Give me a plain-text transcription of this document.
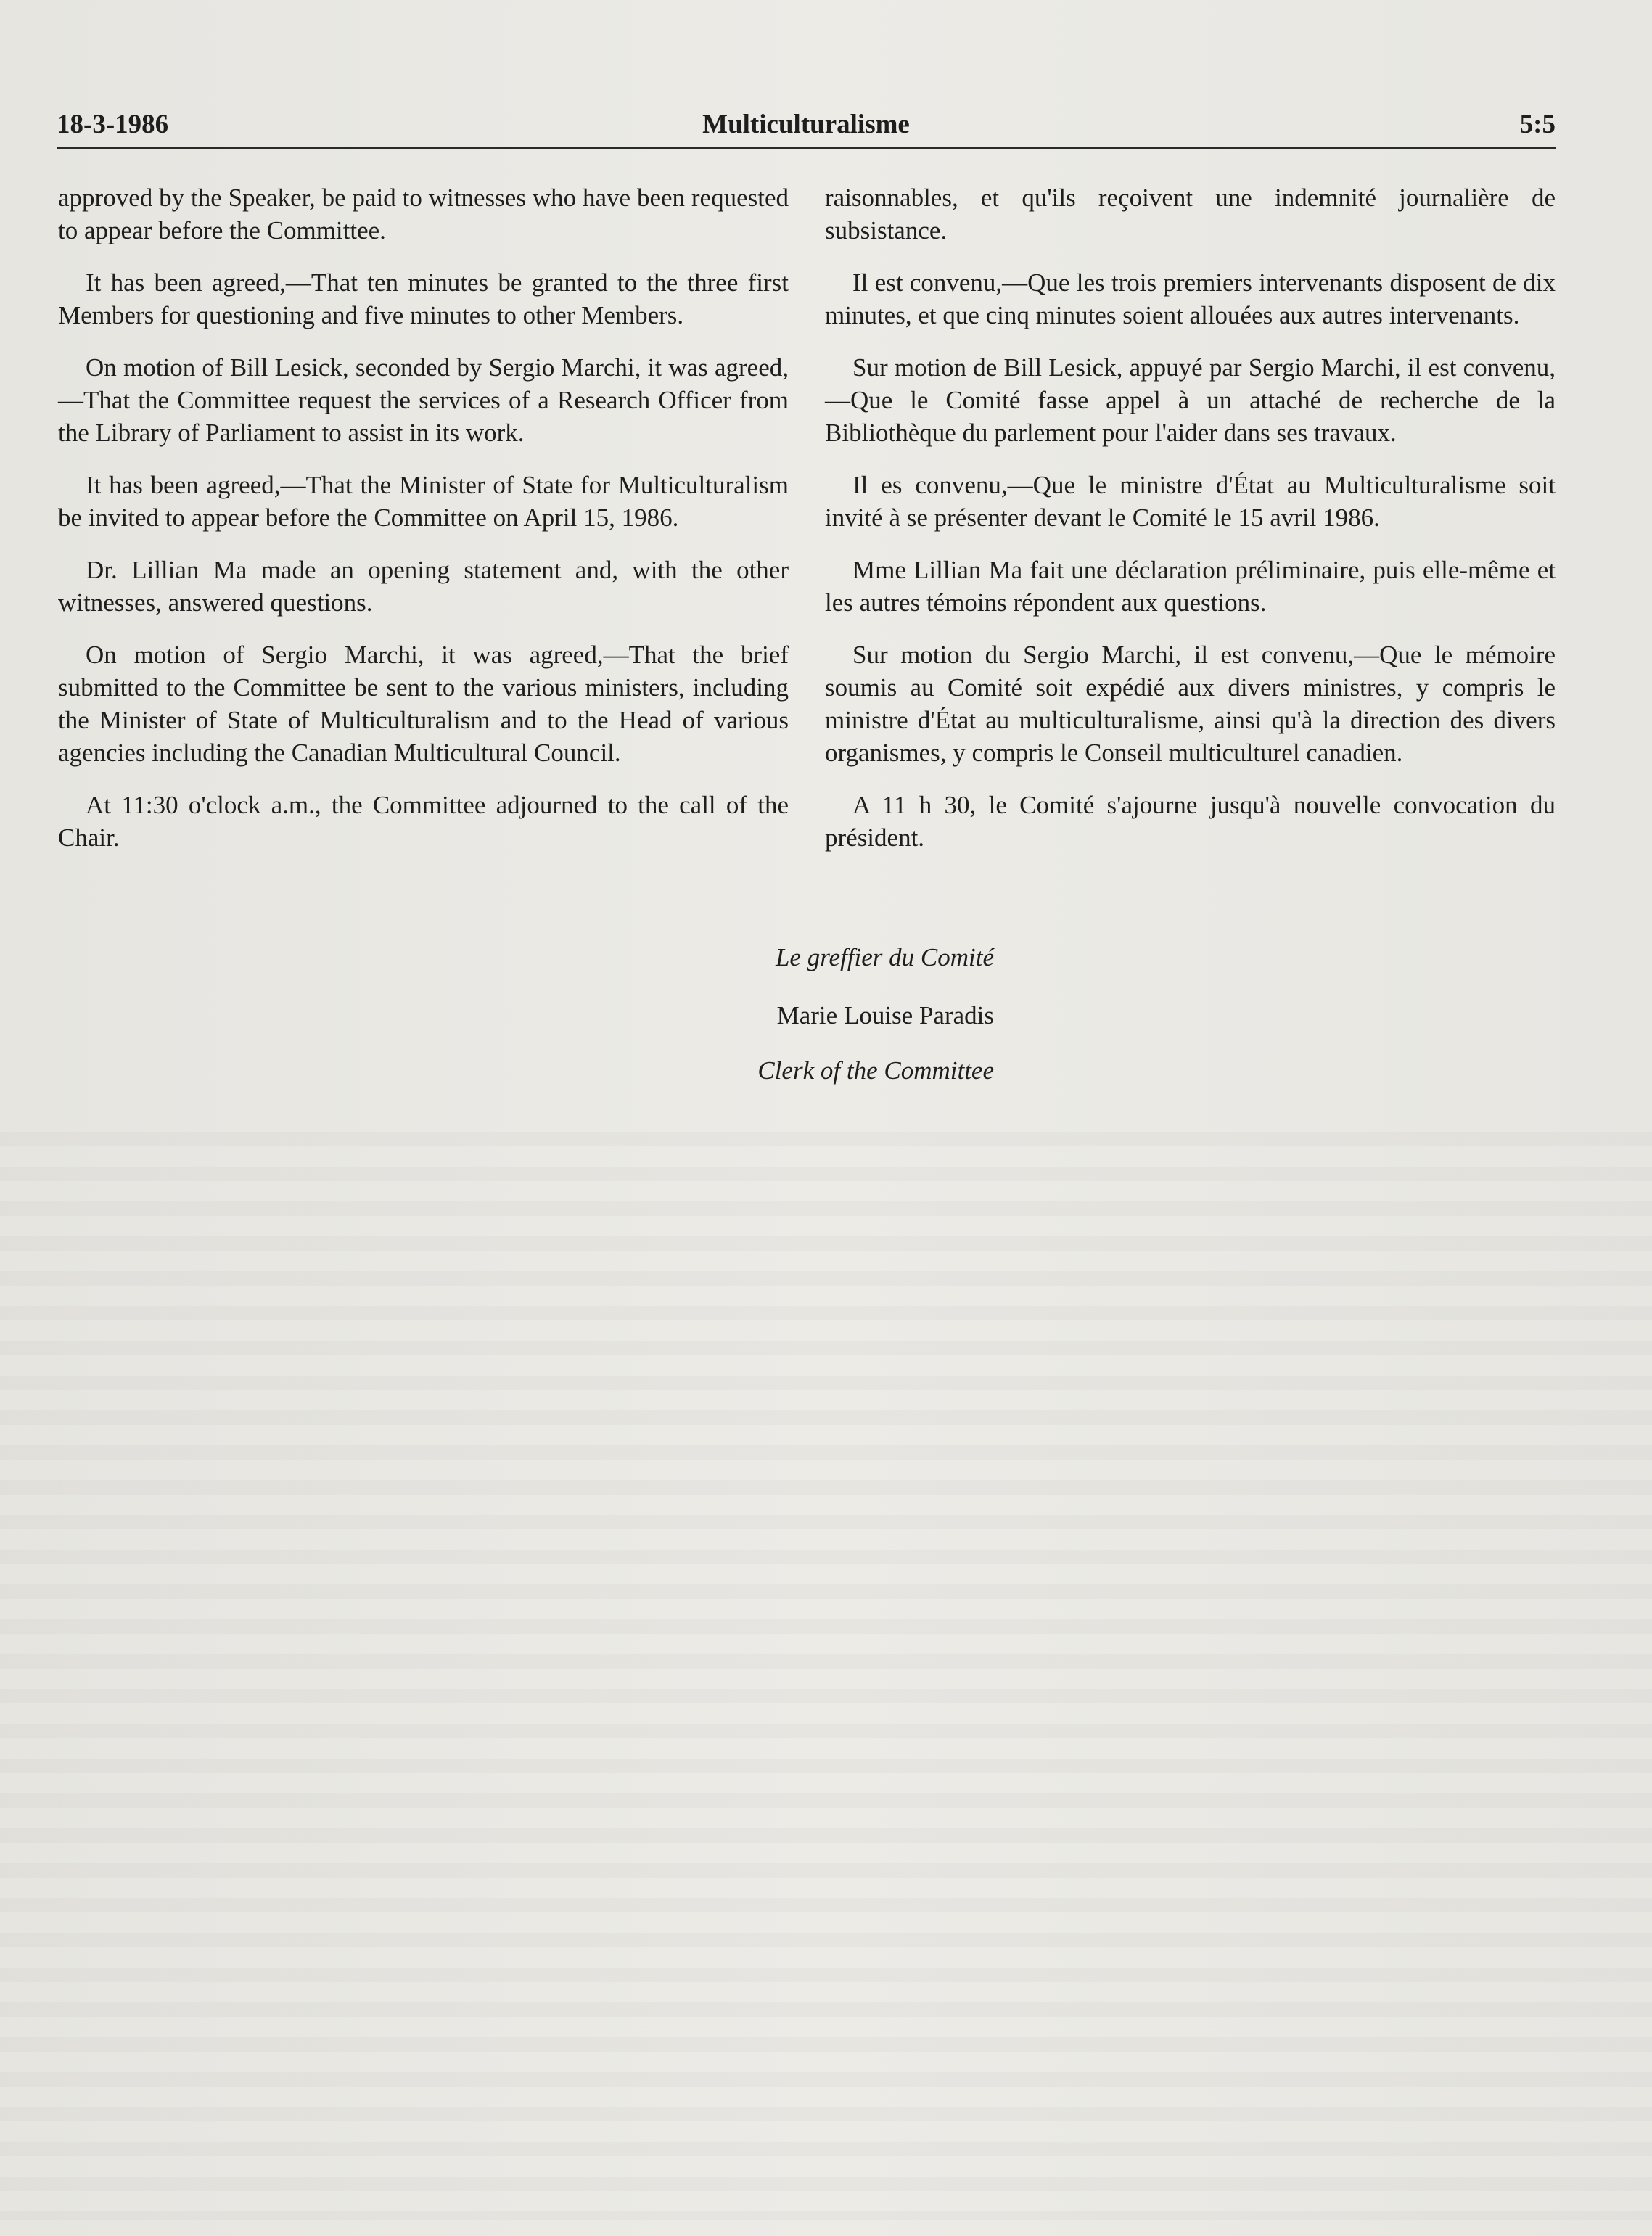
18-3-1986	Multiculturalisme	5:5

approved by the Speaker, be paid to witnesses who have been requested to appear before the Committee.

It has been agreed,—That ten minutes be granted to the three first Members for questioning and five minutes to other Members.

On motion of Bill Lesick, seconded by Sergio Marchi, it was agreed,—That the Committee request the services of a Research Officer from the Library of Parliament to assist in its work.

It has been agreed,—That the Minister of State for Multiculturalism be invited to appear before the Committee on April 15, 1986.

Dr. Lillian Ma made an opening statement and, with the other witnesses, answered questions.

On motion of Sergio Marchi, it was agreed,—That the brief submitted to the Committee be sent to the various ministers, including the Minister of State of Multiculturalism and to the Head of various agencies including the Canadian Multicultural Council.

At 11:30 o'clock a.m., the Committee adjourned to the call of the Chair.

raisonnables, et qu'ils reçoivent une indemnité journalière de subsistance.

Il est convenu,—Que les trois premiers intervenants disposent de dix minutes, et que cinq minutes soient allouées aux autres intervenants.

Sur motion de Bill Lesick, appuyé par Sergio Marchi, il est convenu,—Que le Comité fasse appel à un attaché de recherche de la Bibliothèque du parlement pour l'aider dans ses travaux.

Il es convenu,—Que le ministre d'État au Multiculturalisme soit invité à se présenter devant le Comité le 15 avril 1986.

Mme Lillian Ma fait une déclaration préliminaire, puis elle-même et les autres témoins répondent aux questions.

Sur motion du Sergio Marchi, il est convenu,—Que le mémoire soumis au Comité soit expédié aux divers ministres, y compris le ministre d'État au multiculturalisme, ainsi qu'à la direction des divers organismes, y compris le Conseil multiculturel canadien.

A 11 h 30, le Comité s'ajourne jusqu'à nouvelle convocation du président.

Le greffier du Comité
Marie Louise Paradis
Clerk of the Committee
